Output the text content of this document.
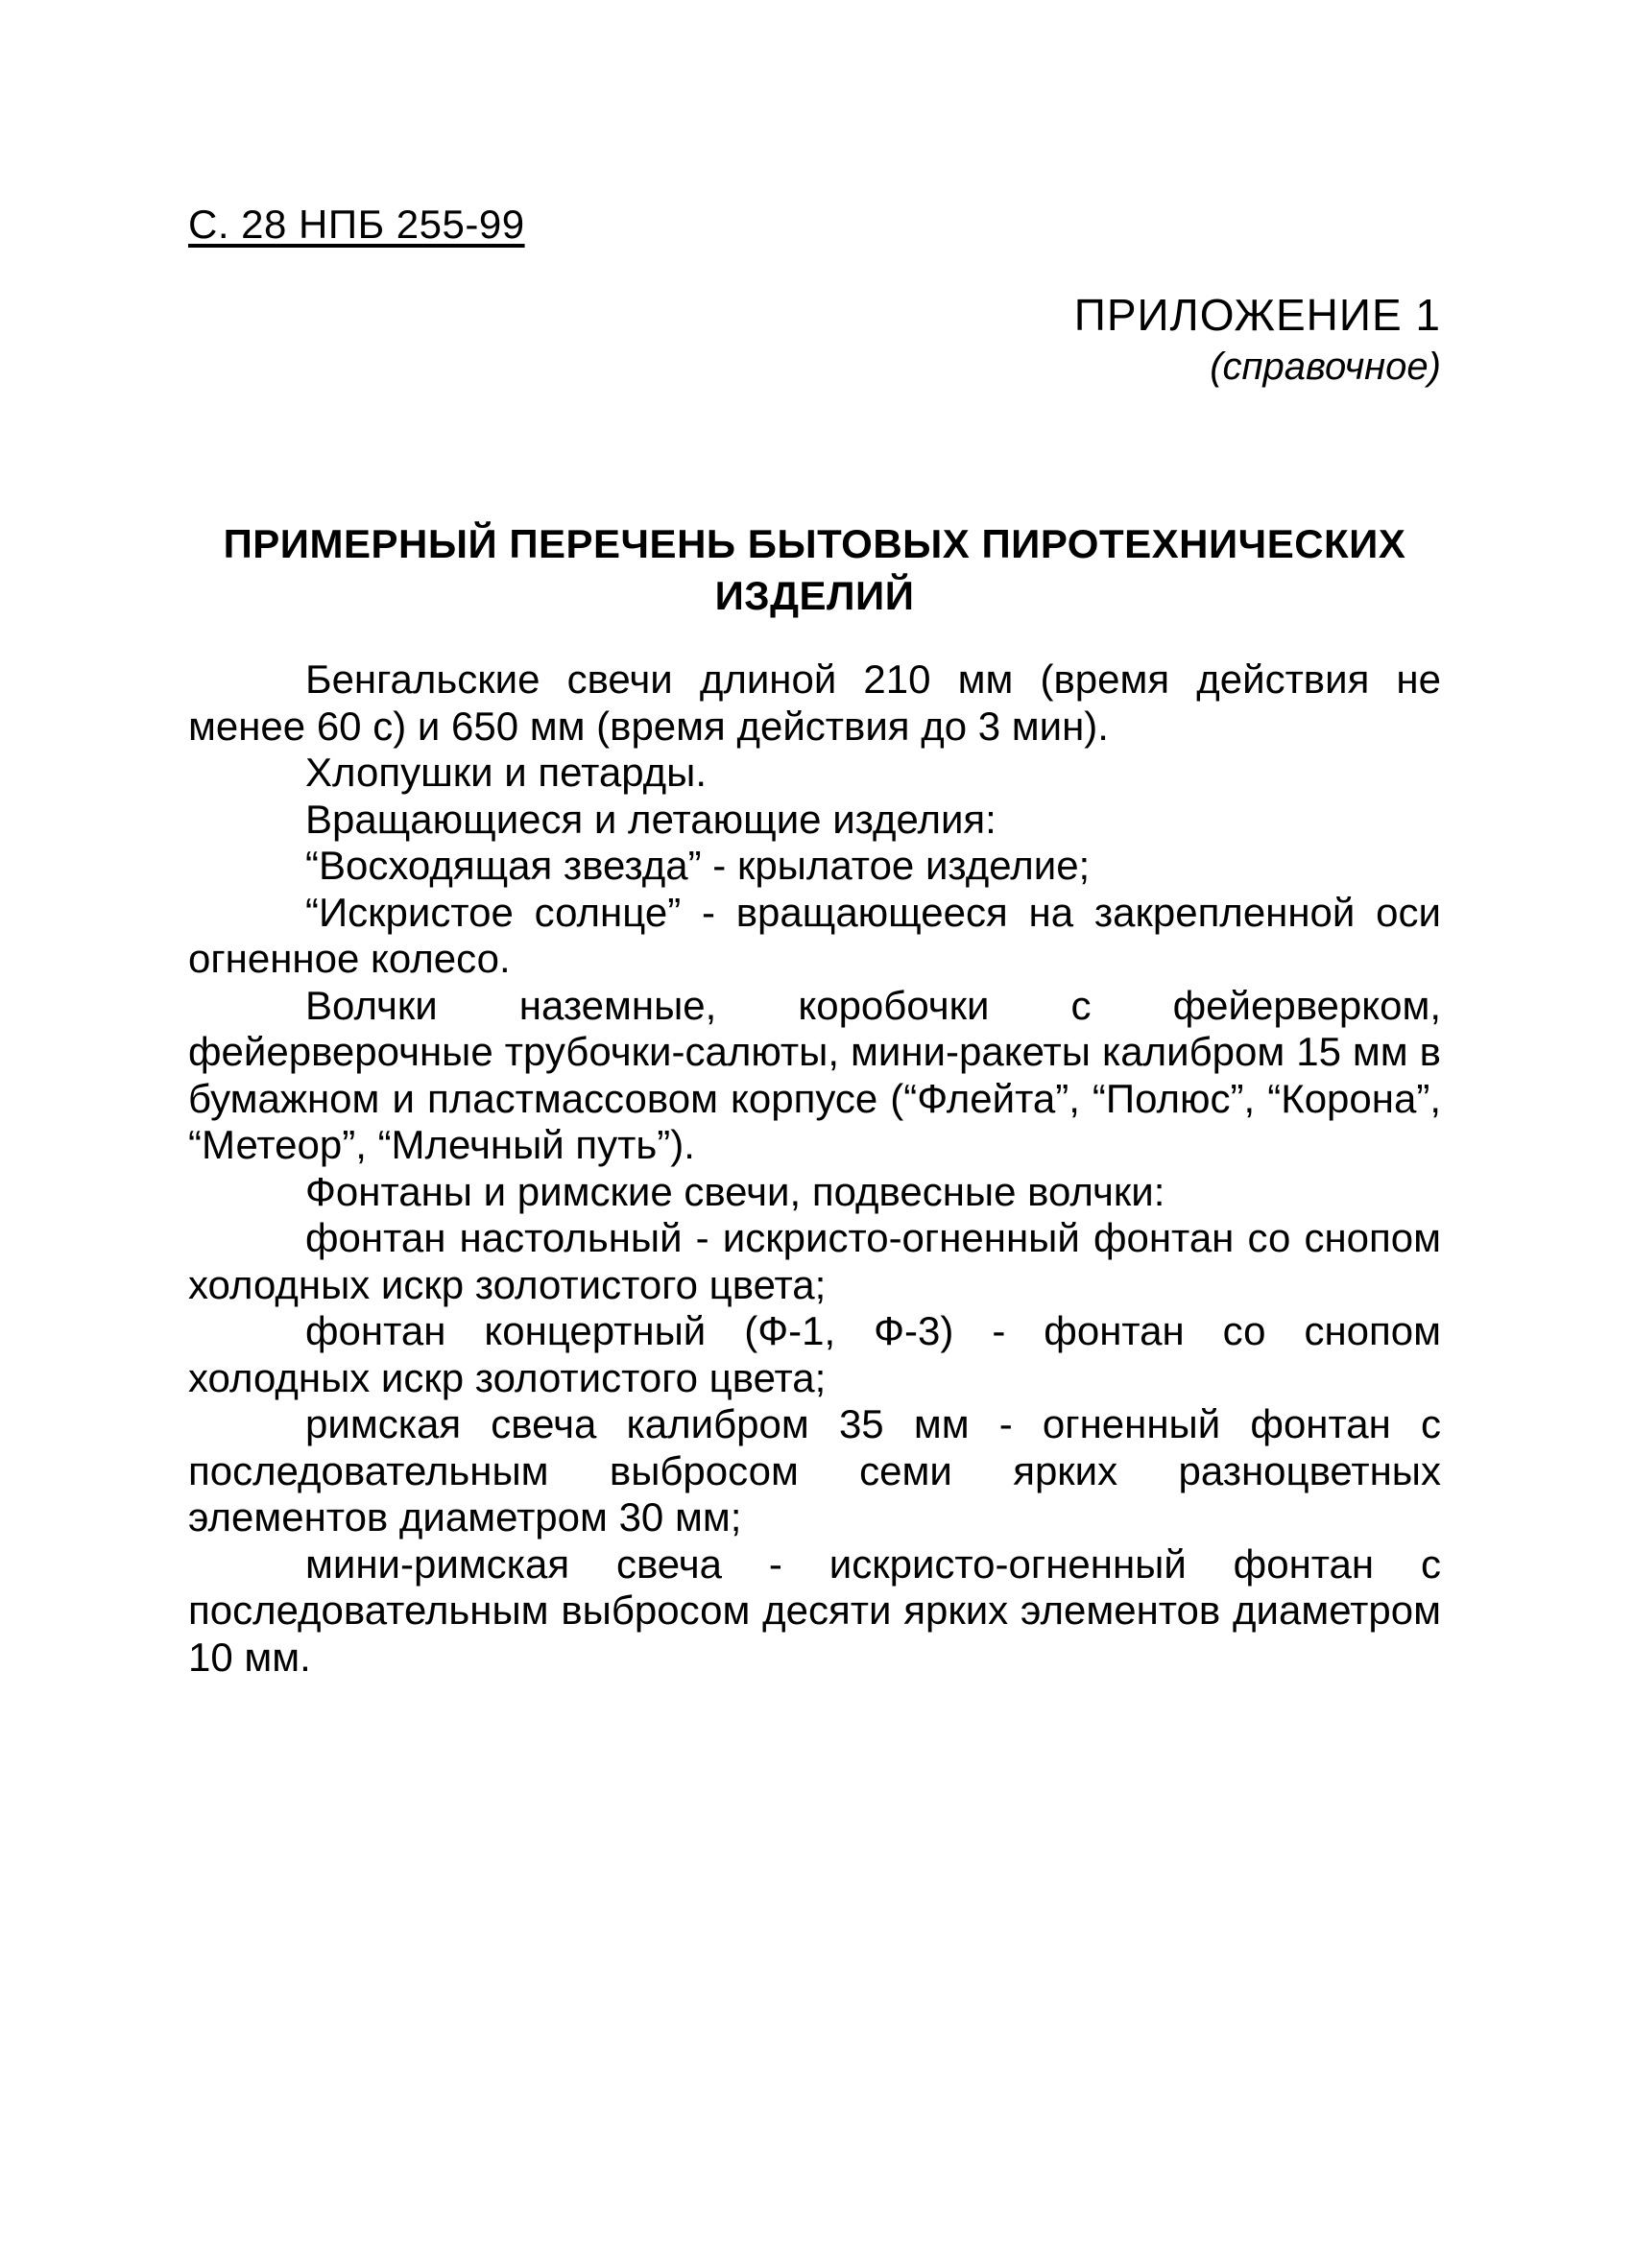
С. 28 НПБ 255-99
ПРИЛОЖЕНИЕ 1
(справочное)
ПРИМЕРНЫЙ ПЕРЕЧЕНЬ БЫТОВЫХ ПИРОТЕХНИЧЕСКИХ ИЗДЕЛИЙ

Бенгальские свечи длиной 210 мм (время действия не менее 60 с) и 650 мм (время действия до 3 мин).

Хлопушки и петарды.

Вращающиеся и летающие изделия:

“Восходящая звезда” - крылатое изделие;

“Искристое солнце” - вращающееся на закрепленной оси огненное колесо.

Волчки наземные, коробочки с фейерверком, фейерверочные трубочки-салюты, мини-ракеты калибром 15 мм в бумажном и пластмассовом корпусе (“Флейта”, “Полюс”, “Корона”, “Метеор”, “Млечный путь”).

Фонтаны и римские свечи, подвесные волчки:

фонтан настольный - искристо-огненный фонтан со снопом холодных искр золотистого цвета;

фонтан концертный (Ф-1, Ф-3) - фонтан со снопом холодных искр золотистого цвета;

римская свеча калибром 35 мм - огненный фонтан с последовательным выбросом семи ярких разноцветных элементов диаметром 30 мм;

мини-римская свеча - искристо-огненный фонтан с последовательным выбросом десяти ярких элементов диаметром 10 мм.
